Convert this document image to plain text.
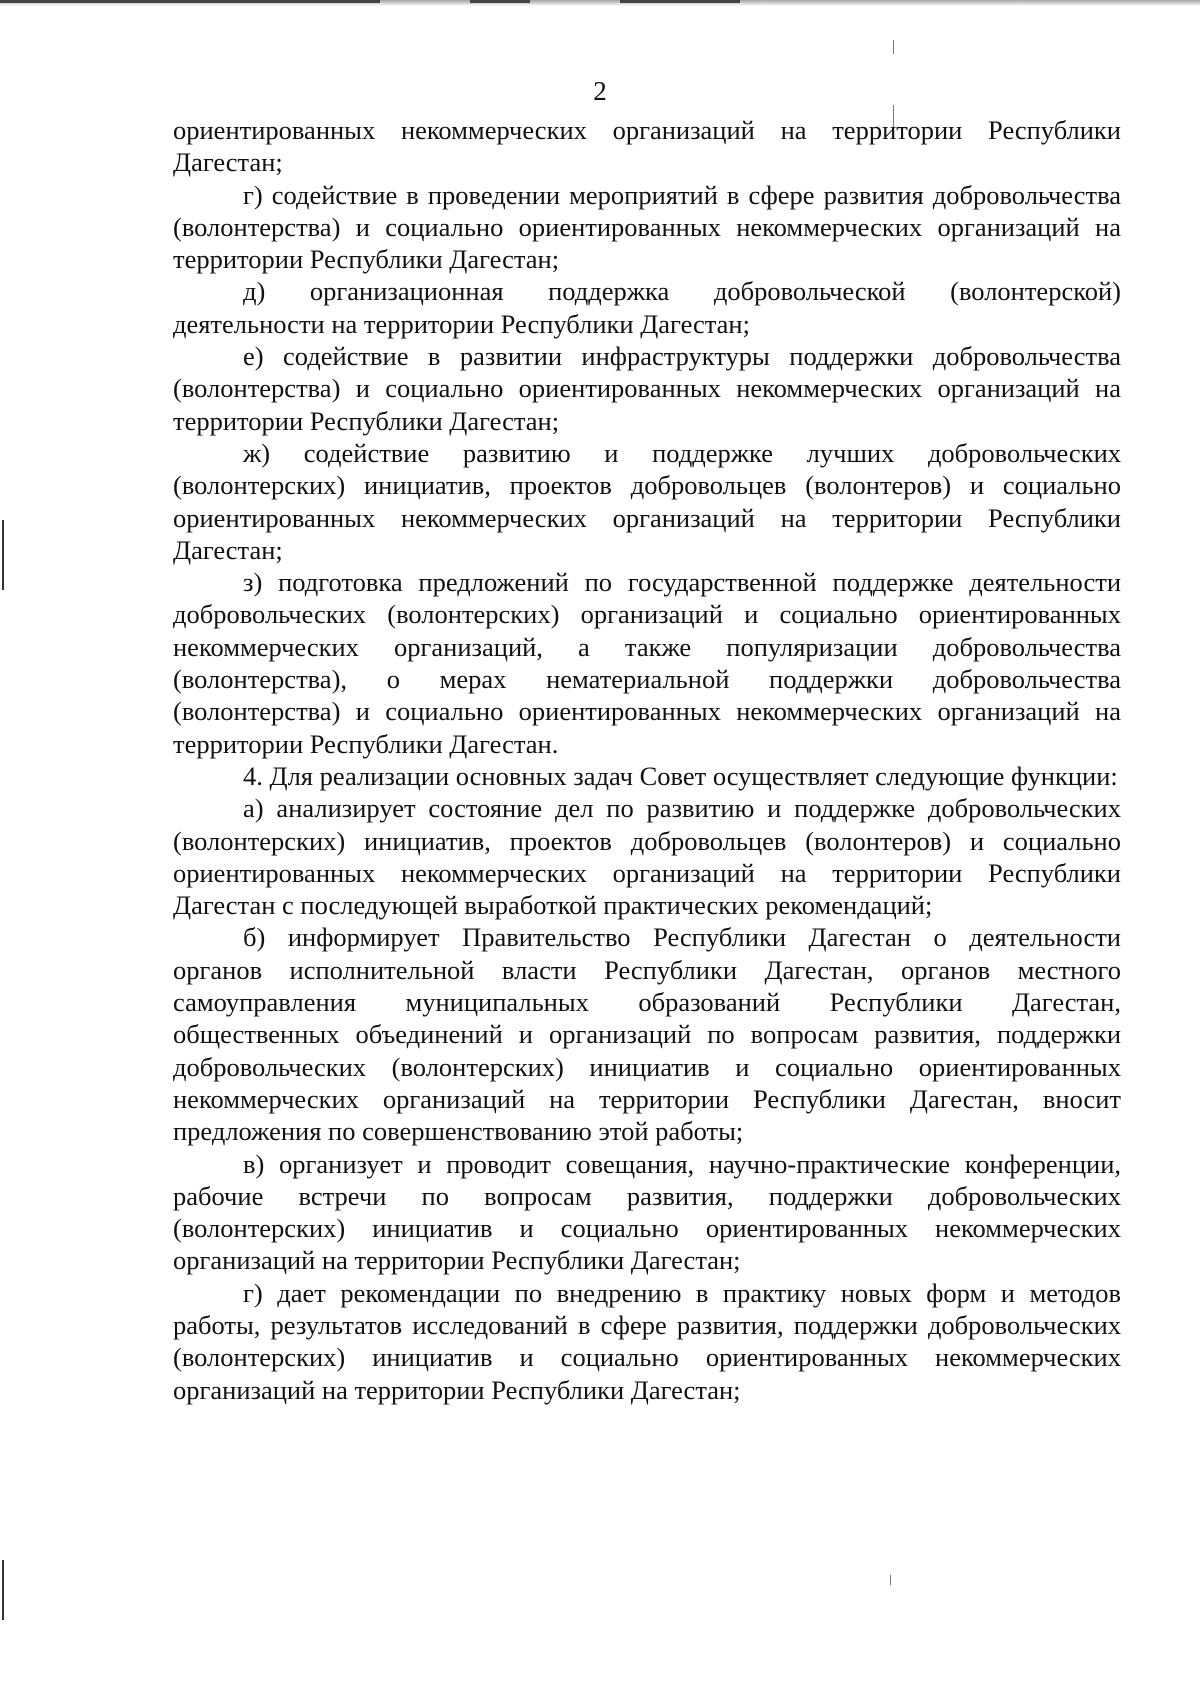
2

ориентированных некоммерческих организаций на территории Республики Дагестан;

г) содействие в проведении мероприятий в сфере развития добровольчества (волонтерства) и социально ориентированных некоммерческих организаций на территории Республики Дагестан;

д) организационная поддержка добровольческой (волонтерской) деятельности на территории Республики Дагестан;

е) содействие в развитии инфраструктуры поддержки добровольчества (волонтерства) и социально ориентированных некоммерческих организаций на территории Республики Дагестан;

ж) содействие развитию и поддержке лучших добровольческих (волонтерских) инициатив, проектов добровольцев (волонтеров) и социально ориентированных некоммерческих организаций на территории Республики Дагестан;

з) подготовка предложений по государственной поддержке деятельности добровольческих (волонтерских) организаций и социально ориентированных некоммерческих организаций, а также популяризации добровольчества (волонтерства), о мерах нематериальной поддержки добровольчества (волонтерства) и социально ориентированных некоммерческих организаций на территории Республики Дагестан.

4. Для реализации основных задач Совет осуществляет следующие функции:

а) анализирует состояние дел по развитию и поддержке добровольческих (волонтерских) инициатив, проектов добровольцев (волонтеров) и социально ориентированных некоммерческих организаций на территории Республики Дагестан с последующей выработкой практических рекомендаций;

б) информирует Правительство Республики Дагестан о деятельности органов исполнительной власти Республики Дагестан, органов местного самоуправления муниципальных образований Республики Дагестан, общественных объединений и организаций по вопросам развития, поддержки добровольческих (волонтерских) инициатив и социально ориентированных некоммерческих организаций на территории Республики Дагестан, вносит предложения по совершенствованию этой работы;

в) организует и проводит совещания, научно-практические конференции, рабочие встречи по вопросам развития, поддержки добровольческих (волонтерских) инициатив и социально ориентированных некоммерческих организаций на территории Республики Дагестан;

г) дает рекомендации по внедрению в практику новых форм и методов работы, результатов исследований в сфере развития, поддержки добровольческих (волонтерских) инициатив и социально ориентированных некоммерческих организаций на территории Республики Дагестан;
